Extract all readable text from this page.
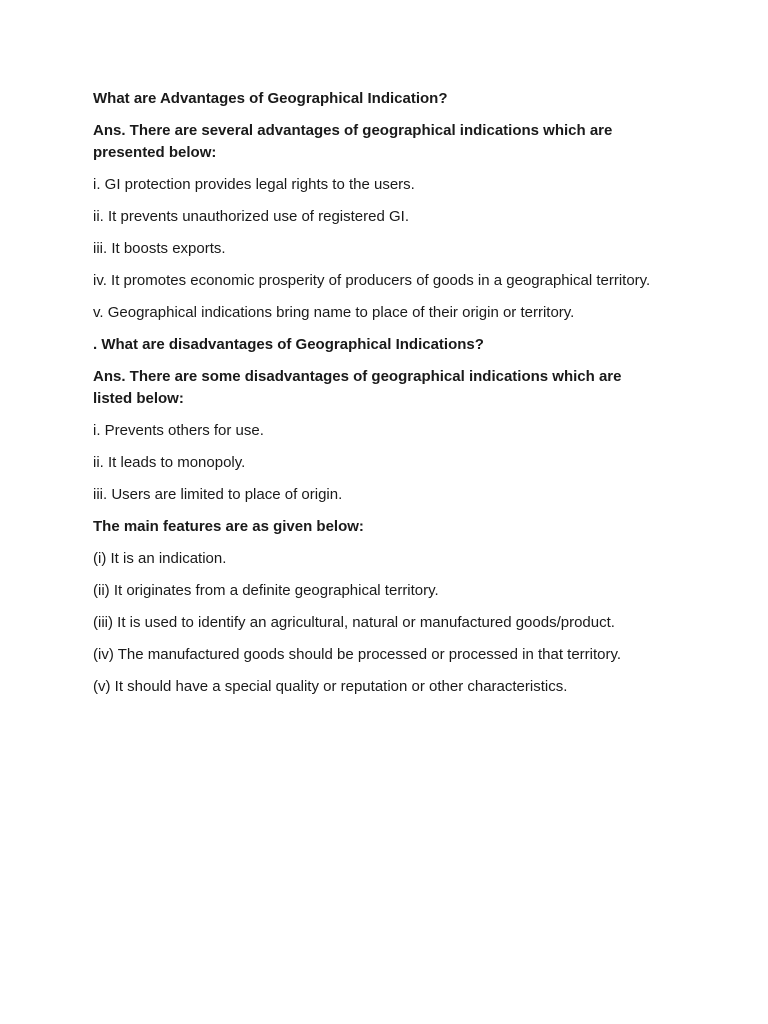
What are Advantages of Geographical Indication?

Ans. There are several advantages of geographical indications which are presented below:

i. GI protection provides legal rights to the users.

ii. It prevents unauthorized use of registered GI.

iii. It boosts exports.

iv. It promotes economic prosperity of producers of goods in a geographical territory.

v. Geographical indications bring name to place of their origin or territory.

. What are disadvantages of Geographical Indications?

Ans. There are some disadvantages of geographical indications which are listed below:

i. Prevents others for use.

ii. It leads to monopoly.

iii. Users are limited to place of origin.

The main features are as given below:

(i) It is an indication.

(ii) It originates from a definite geographical territory.

(iii) It is used to identify an agricultural, natural or manufactured goods/product.

(iv) The manufactured goods should be processed or processed in that territory.

(v) It should have a special quality or reputation or other characteristics.
